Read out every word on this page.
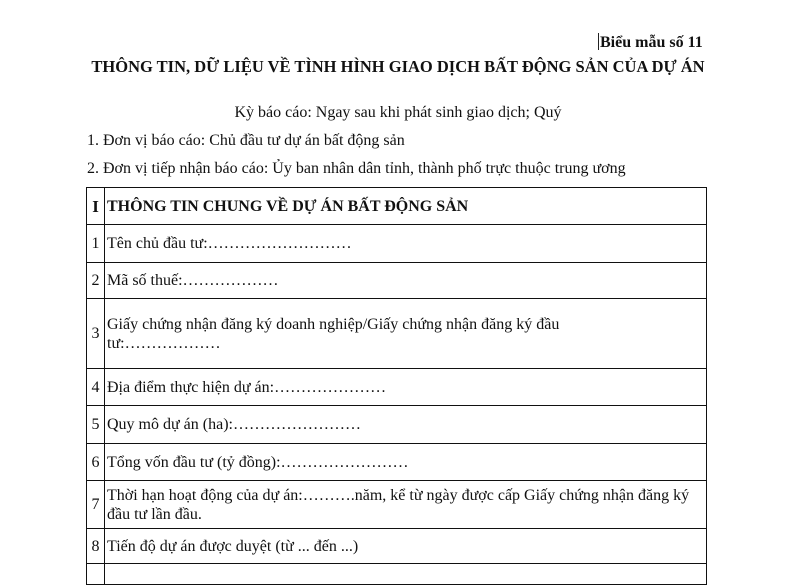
Biểu mẫu số 11
THÔNG TIN, DỮ LIỆU VỀ TÌNH HÌNH GIAO DỊCH BẤT ĐỘNG SẢN CỦA DỰ ÁN
Kỳ báo cáo: Ngay sau khi phát sinh giao dịch; Quý
1. Đơn vị báo cáo: Chủ đầu tư dự án bất động sản
2. Đơn vị tiếp nhận báo cáo: Ủy ban nhân dân tỉnh, thành phố trực thuộc trung ương
I	THÔNG TIN CHUNG VỀ DỰ ÁN BẤT ĐỘNG SẢN
1	Tên chủ đầu tư:………………………
2	Mã số thuế:………………
3	Giấy chứng nhận đăng ký doanh nghiệp/Giấy chứng nhận đăng ký đầu tư:………………

4	Địa điểm thực hiện dự án:…………………
5	Quy mô dự án (ha):……………………
6	Tổng vốn đầu tư (tỷ đồng):……………………
7	Thời hạn hoạt động của dự án:……….năm, kể từ ngày được cấp Giấy chứng nhận đăng ký đầu tư lần đầu.

8	Tiến độ dự án được duyệt (từ ... đến ...)
